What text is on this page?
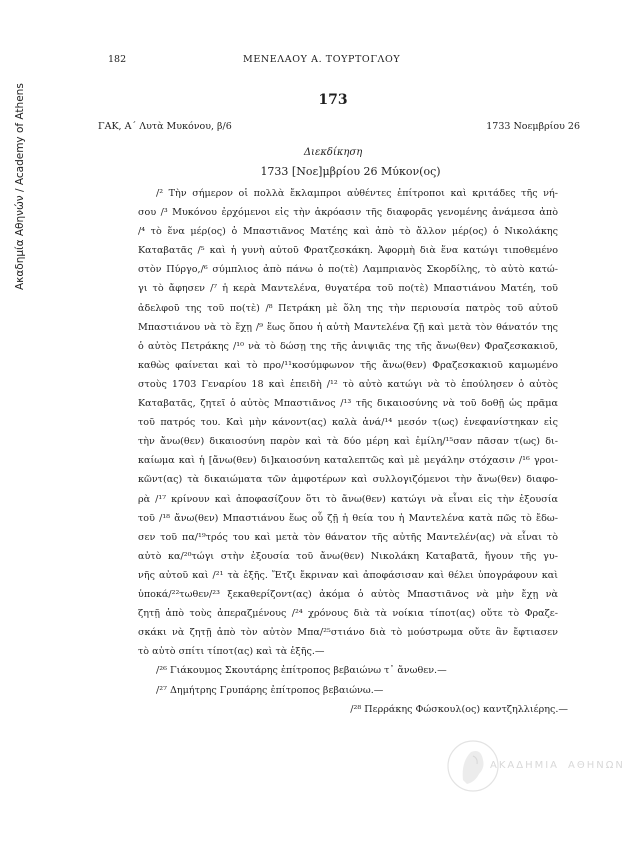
Ακαδημία Αθηνών / Academy of Athens
182	ΜΕΝΕΛΑΟΥ Α. ΤΟΥΡΤΟΓΛΟΥ
173
ΓΑΚ, Α΄ Λυτὰ Μυκόνου, β/6	1733 Νοεμβρίου 26
Διεκδίκηση
1733 [Νοε]μβρίου 26 Μύκον(ος)
/² Τὴν σήμερον οἱ πολλὰ ἔκλαμπροι αὐθέντες ἐπίτροποι καὶ κριτάδες τῆς νή-
σου /³ Μυκόνου ἐρχόμενοι εἰς τὴν ἀκρόασιν τῆς διαφορᾶς γενομένης ἀνάμεσα ἀπὸ
/⁴ τὸ ἕνα μέρ(ος) ὁ Μπαστιᾶνος Ματέης καὶ ἀπὸ τὸ ἄλλον μέρ(ος) ὁ Νικολάκης
Καταβατᾶς /⁵ καὶ ἡ γυνὴ αὐτοῦ Φρατζεσκάκη. Ἀφορμὴ διὰ ἕνα κατώγι τιποθεμένο
στὸν Πύργο,/⁶ σύμπλιος ἀπὸ πάνω ὁ πο(τὲ) Λαμπριανὸς Σκορδίλης, τὸ αὐτὸ κατώ-
γι τὸ ἄφησεν /⁷ ἡ κερὰ Μαντελένα, θυγατέρα τοῦ πο(τὲ) Μπαστιάνου Ματέη, τοῦ
ἀδελφοῦ της τοῦ πο(τὲ) /⁸ Πετράκη μὲ ὅλη της τὴν περιουσία πατρὸς τοῦ αὐτοῦ
Μπαστιάνου νὰ τὸ ἔχῃ /⁹ ἕως ὅπου ἡ αὐτὴ Μαντελένα ζῇ καὶ μετὰ τὸν θάνατόν της
ὁ αὐτὸς Πετράκης /¹⁰ νὰ τὸ δώσῃ της τῆς ἀνιψιᾶς της τῆς ἄνω(θεν) Φραζεσκακιοῦ,
καθὼς φαίνεται καὶ τὸ προ/¹¹κοσύμφωνον τῆς ἄνω(θεν) Φραζεσκακιοῦ καμωμένο
στοὺς 1703 Γεναρίου 18 καὶ ἐπειδὴ /¹² τὸ αὐτὸ κατώγι νὰ τὸ ἐπούλησεν ὁ αὐτὸς
Καταβατᾶς, ζητεῖ ὁ αὐτὸς Μπαστιᾶνος /¹³ τῆς δικαιοσύνης νὰ τοῦ δοθῇ ὡς πρᾶμα
τοῦ πατρός του. Καὶ μὴν κάνοντ(ας) καλὰ ἀνά/¹⁴ μεσόν τ(ως) ἐνεφανίστηκαν εἰς
τὴν ἄνω(θεν) δικαιοσύνη παρὸν καὶ τὰ δύο μέρη καὶ ἐμίλη/¹⁵σαν πᾶσαν τ(ως) δι-
καίωμα καὶ ἡ [ἄνω(θεν) δι]καιοσύνη καταλεπτῶς καὶ μὲ μεγάλην στόχασιν /¹⁶ γροι-
κῶντ(ας) τὰ δικαιώματα τῶν ἀμφοτέρων καὶ συλλογιζόμενοι τὴν ἄνω(θεν) διαφο-
ρὰ /¹⁷ κρίνουν καὶ ἀποφασίζουν ὅτι τὸ ἄνω(θεν) κατώγι νὰ εἶναι εἰς τὴν ἐξουσία
τοῦ /¹⁸ ἄνω(θεν) Μπαστιάνου ἕως οὗ ζῇ ἡ θεία του ἡ Μαντελένα κατὰ πῶς τὸ ἔδω-
σεν τοῦ πα/¹⁹τρός του καὶ μετὰ τὸν θάνατον τῆς αὐτῆς Μαντελέν(ας) νὰ εἶναι τὸ
αὐτὸ κα/²⁰τώγι στὴν ἐξουσία τοῦ ἄνω(θεν) Νικολάκη Καταβατᾶ, ἤγουν τῆς γυ-
νῆς αὐτοῦ καὶ /²¹ τὰ ἑξῆς. Ἔτζι ἔκριναν καὶ ἀποφάσισαν καὶ θέλει ὑπογράφουν καὶ
ὑποκά/²²τωθεν/²³ ξεκαθερίζοντ(ας) ἀκόμα ὁ αὐτὸς Μπαστιᾶνος νὰ μὴν ἔχῃ νὰ
ζητῇ ἀπὸ τοὺς ἀπεραζμένους /²⁴ χρόνους διὰ τὰ νοίκια τίποτ(ας) οὔτε τὸ Φραζε-
σκάκι νὰ ζητῇ ἀπὸ τὸν αὐτὸν Μπα/²⁵στιάνο διὰ τὸ μούστρωμα οὔτε ἂν ἔφτιασεν
τὸ αὐτὸ σπίτι τίποτ(ας) καὶ τὰ ἑξῆς.—
/²⁶ Γιάκουμος Σκουτάρης ἐπίτροπος βεβαιώνω τ᾽ ἄνωθεν.—
/²⁷ Δημήτρης Γρυπάρης ἐπίτροπος βεβαιώνω.—
/²⁸ Περράκης Φώσκουλ(ος) καντζηλλιέρης.—
ΑΚΑΔΗΜΙΑ ΑΘΗΝΩΝ
